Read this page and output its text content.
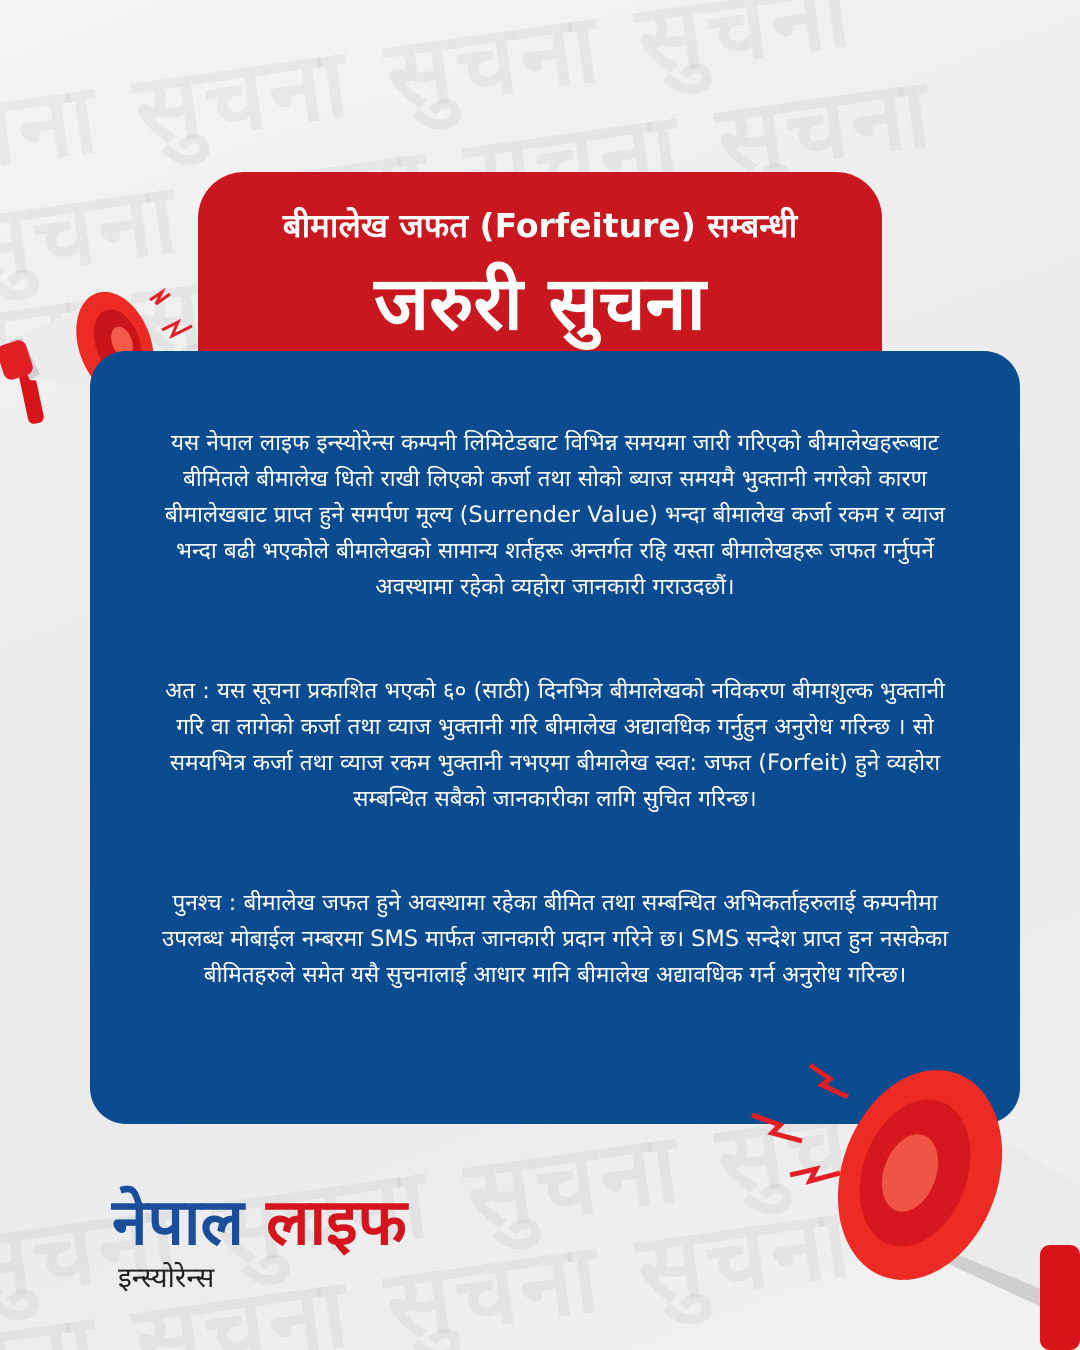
बीमालेख जफत (Forfeiture) सम्बन्धी
जरुरी सुचना
यस नेपाल लाइफ इन्स्योरेन्स कम्पनी लिमिटेडबाट विभिन्न समयमा जारी गरिएको बीमालेखहरूबाट बीमितले बीमालेख धितो राखी लिएको कर्जा तथा सोको ब्याज समयमै भुक्तानी नगरेको कारण बीमालेखबाट प्राप्त हुने समर्पण मूल्य (Surrender Value) भन्दा बीमालेख कर्जा रकम र व्याज भन्दा बढी भएकोले बीमालेखको सामान्य शर्तहरू अन्तर्गत रहि यस्ता बीमालेखहरू जफत गर्नुपर्ने अवस्थामा रहेको व्यहोरा जानकारी गराउदछौं।
अत : यस सूचना प्रकाशित भएको ६० (साठी) दिनभित्र बीमालेखको नविकरण बीमाशुल्क भुक्तानी गरि वा लागेको कर्जा तथा व्याज भुक्तानी गरि बीमालेख अद्यावधिक गर्नुहुन अनुरोध गरिन्छ । सो समयभित्र कर्जा तथा व्याज रकम भुक्तानी नभएमा बीमालेख स्वत: जफत (Forfeit) हुने व्यहोरा सम्बन्धित सबैको जानकारीका लागि सुचित गरिन्छ।
पुनश्च : बीमालेख जफत हुने अवस्थामा रहेका बीमित तथा सम्बन्धित अभिकर्ताहरुलाई कम्पनीमा उपलब्ध मोबाईल नम्बरमा SMS मार्फत जानकारी प्रदान गरिने छ। SMS सन्देश प्राप्त हुन नसकेका बीमितहरुले समेत यसै सुचनालाई आधार मानि बीमालेख अद्यावधिक गर्न अनुरोध गरिन्छ।
नेपाल लाइफ
इन्स्योरेन्स
